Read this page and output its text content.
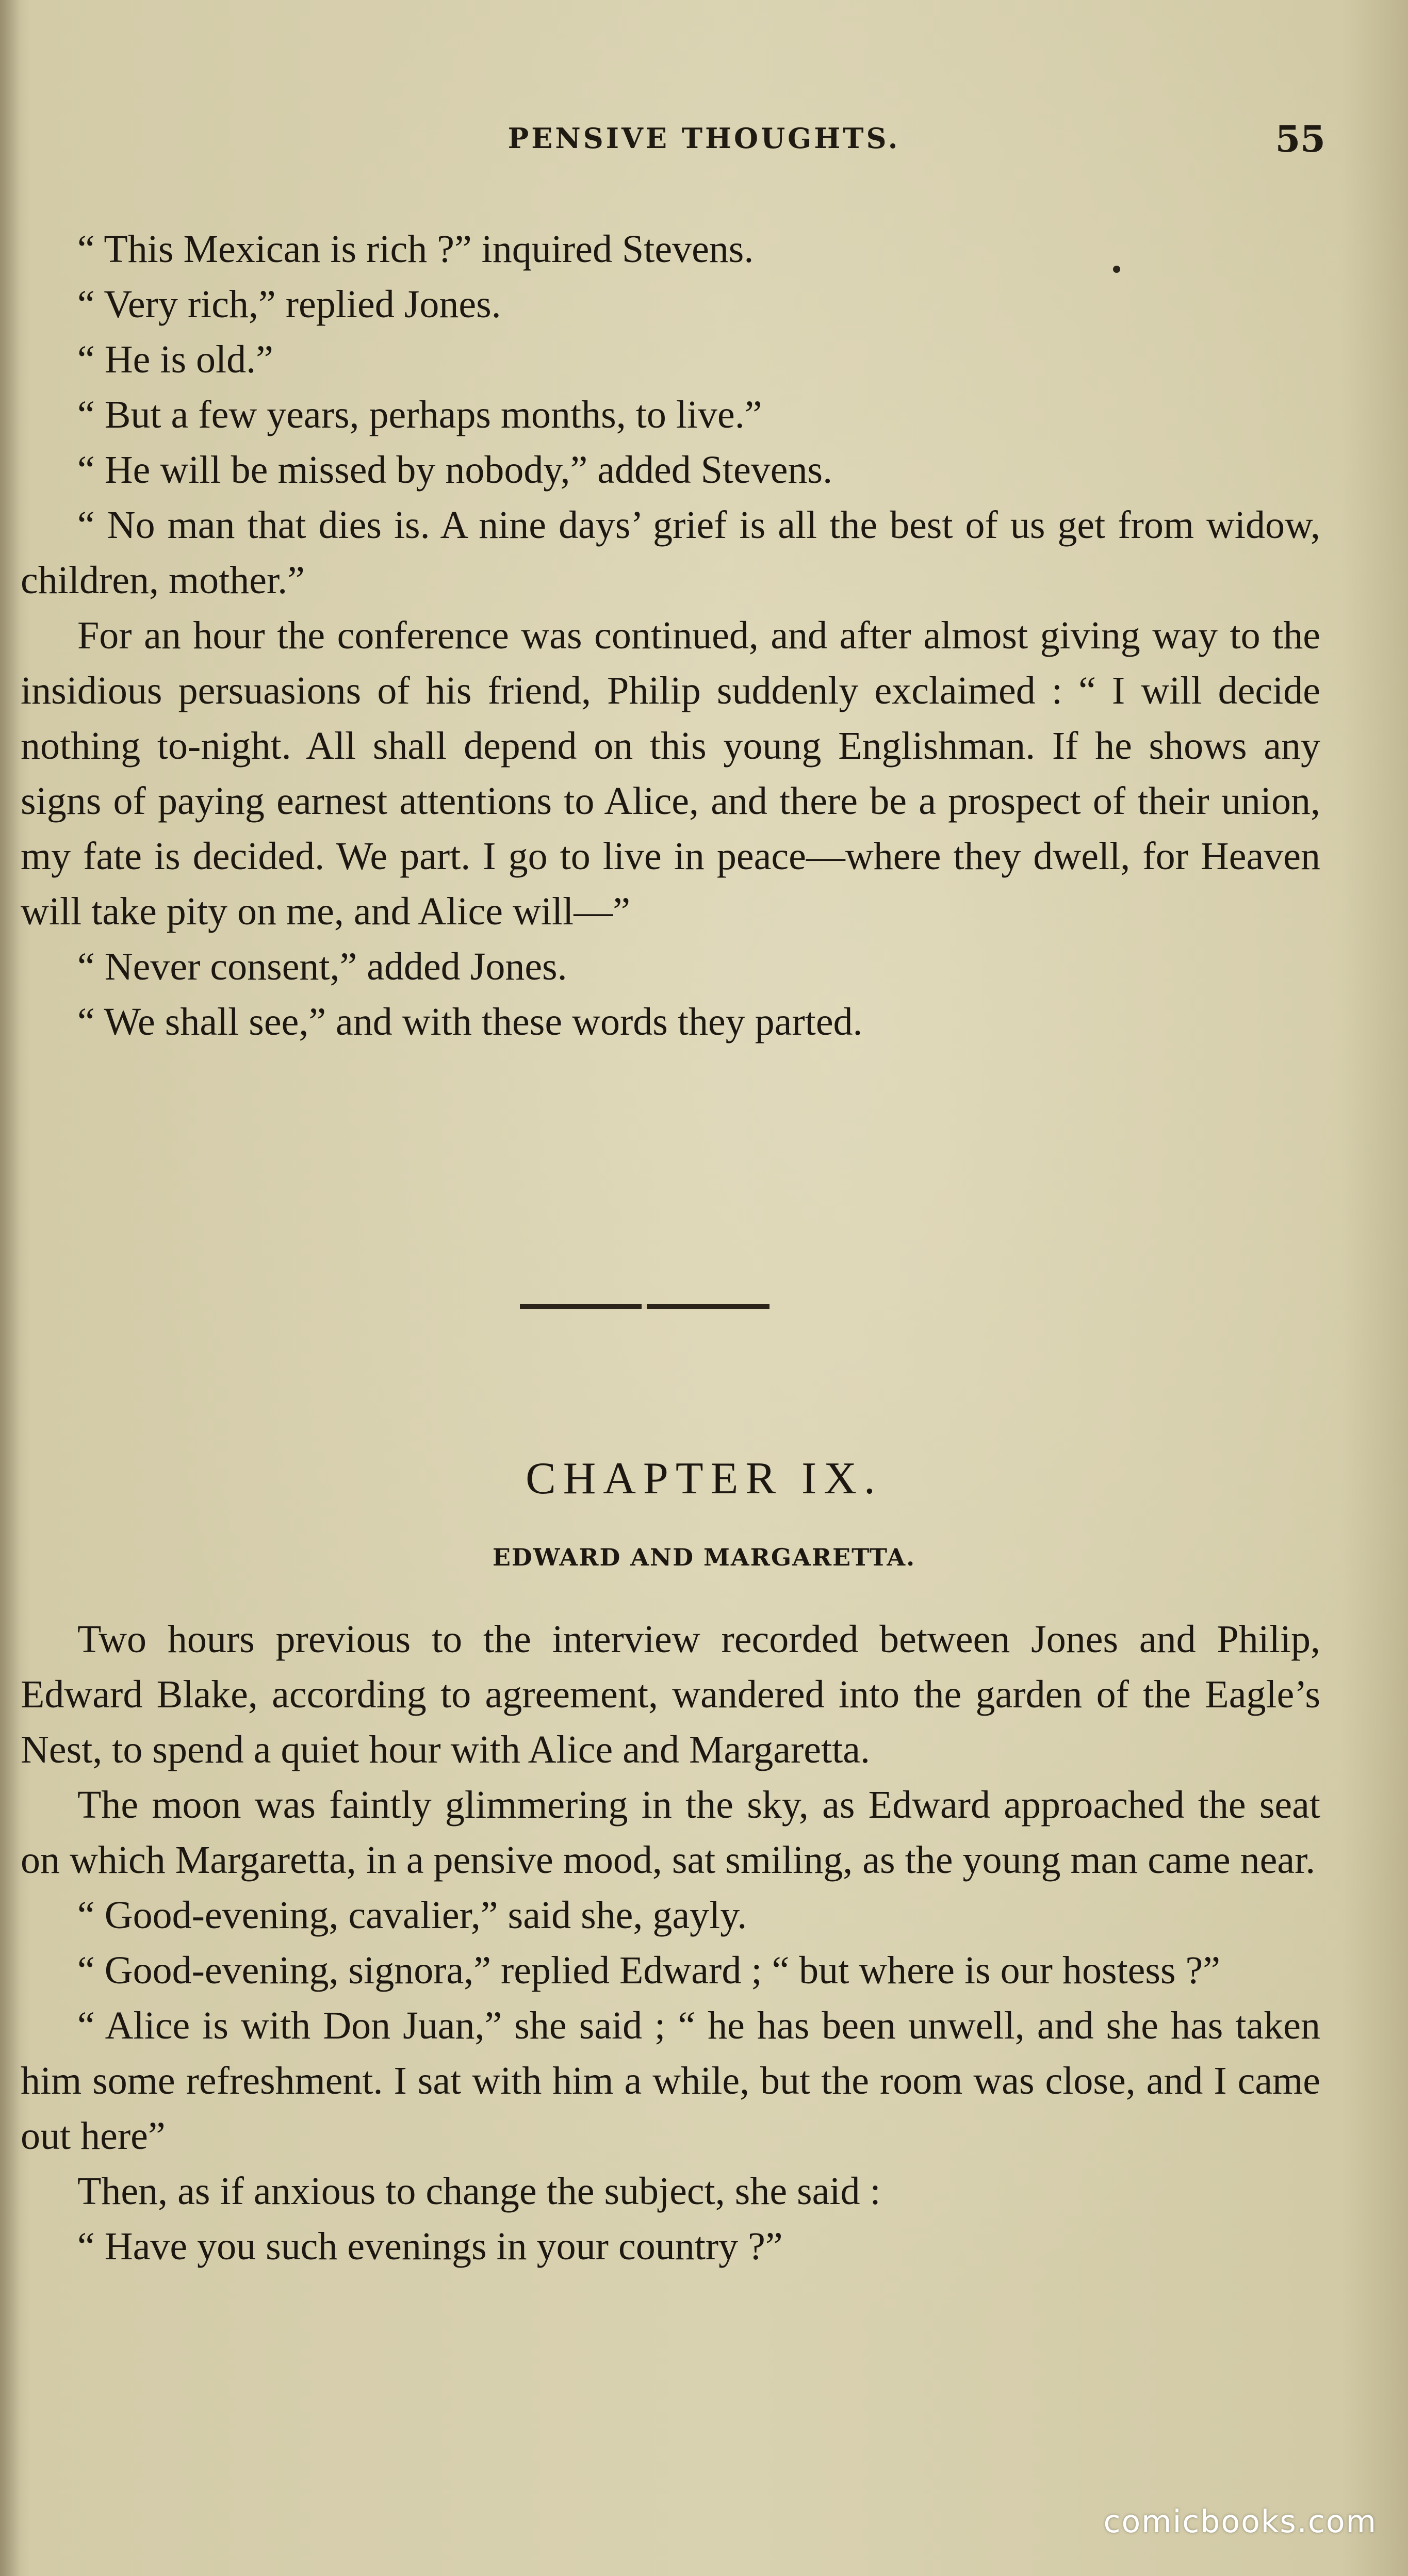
PENSIVE THOUGHTS.	55

“ This Mexican is rich ?” inquired Stevens.

“ Very rich,” replied Jones.

“ He is old.”

“ But a few years, perhaps months, to live.”

“ He will be missed by nobody,” added Stevens.

“ No man that dies is. A nine days’ grief is all the best of us get from widow, children, mother.”

For an hour the conference was continued, and after almost giving way to the insidious persuasions of his friend, Philip suddenly exclaimed : “ I will decide nothing to-night. All shall depend on this young Englishman. If he shows any signs of paying earnest attentions to Alice, and there be a prospect of their union, my fate is decided. We part. I go to live in peace—where they dwell, for Heaven will take pity on me, and Alice will—”

“ Never consent,” added Jones.

“ We shall see,” and with these words they parted.

CHAPTER IX.
EDWARD AND MARGARETTA.

Two hours previous to the interview recorded between Jones and Philip, Edward Blake, according to agreement, wandered into the garden of the Eagle’s Nest, to spend a quiet hour with Alice and Margaretta.

The moon was faintly glimmering in the sky, as Edward approached the seat on which Margaretta, in a pensive mood, sat smiling, as the young man came near.

“ Good-evening, cavalier,” said she, gayly.

“ Good-evening, signora,” replied Edward ; “ but where is our hostess ?”

“ Alice is with Don Juan,” she said ; “ he has been unwell, and she has taken him some refreshment. I sat with him a while, but the room was close, and I came out here”

Then, as if anxious to change the subject, she said :

“ Have you such evenings in your country ?”

comicbooks.com
